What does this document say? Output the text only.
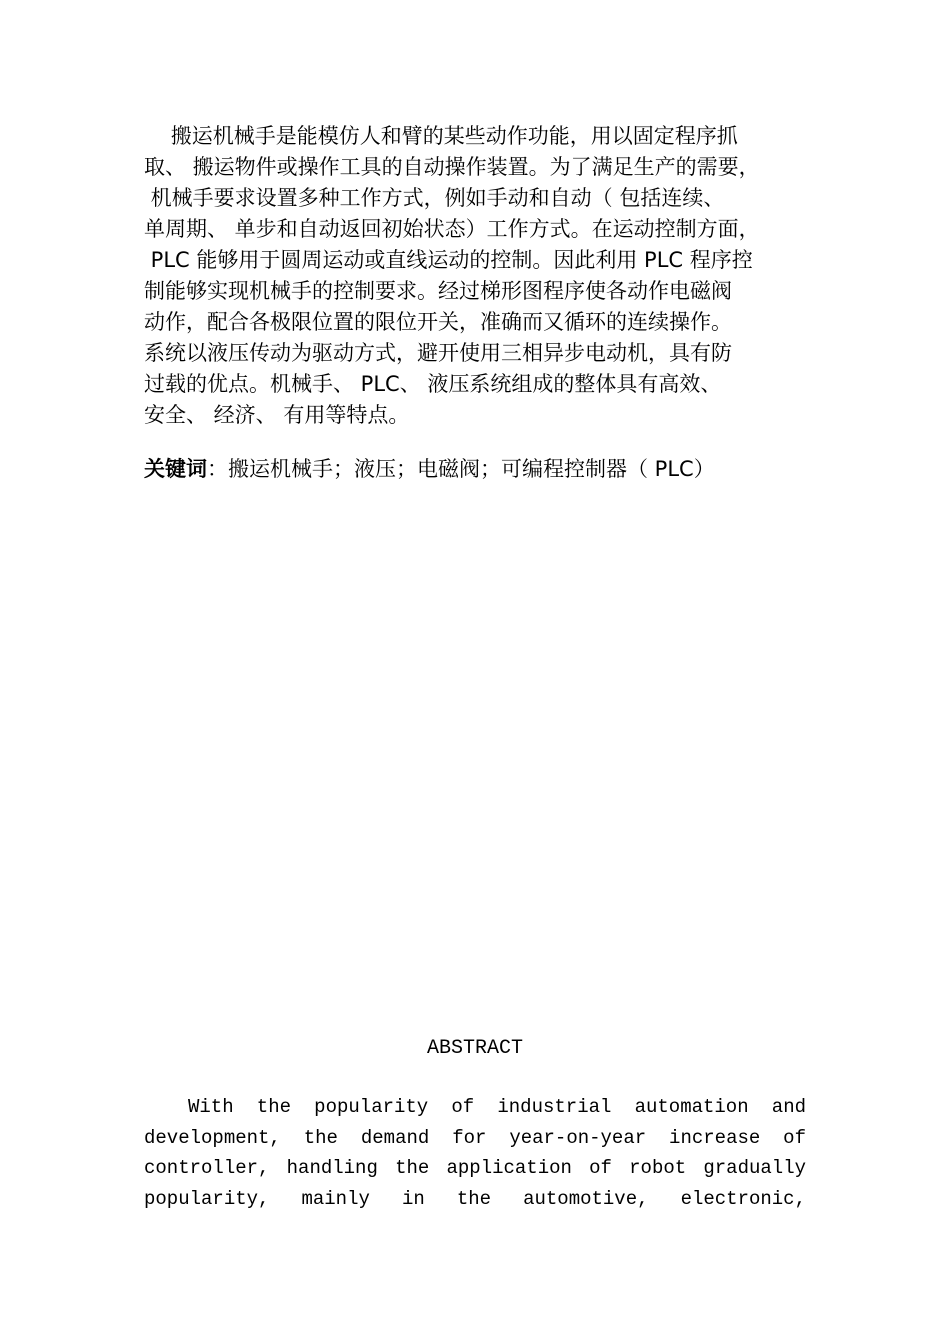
搬运机械手是能模仿人和臂的某些动作功能，用以固定程序抓
取、 搬运物件或操作工具的自动操作装置。为了满足生产的需要，
机械手要求设置多种工作方式，例如手动和自动（ 包括连续、
单周期、 单步和自动返回初始状态）工作方式。在运动控制方面，
PLC 能够用于圆周运动或直线运动的控制。因此利用 PLC 程序控
制能够实现机械手的控制要求。经过梯形图程序使各动作电磁阀
动作，配合各极限位置的限位开关，准确而又循环的连续操作。
系统以液压传动为驱动方式，避开使用三相异步电动机，具有防
过载的优点。机械手、 PLC、 液压系统组成的整体具有高效、
安全、 经济、 有用等特点。
关键词：搬运机械手；液压；电磁阀；可编程控制器（ PLC）
ABSTRACT
With the popularity of industrial automation and
development, the demand for year-on-year increase of
controller, handling the application of robot gradually
popularity, mainly in the automotive, electronic,
